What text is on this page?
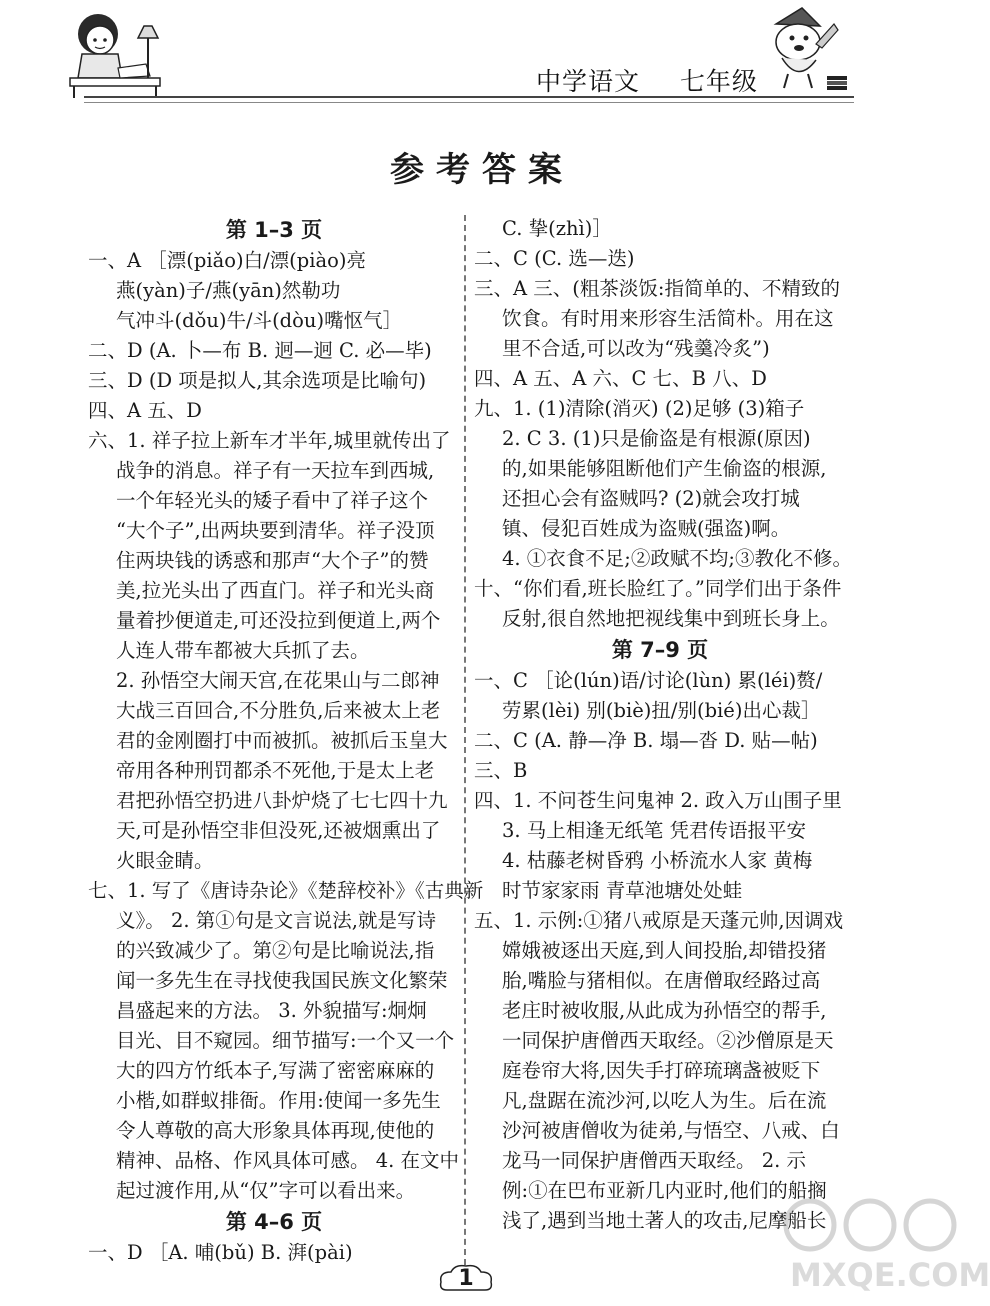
中学语文 七年级
参考答案
第 1–3 页
一、A ［漂(piǎo)白/漂(piào)亮
燕(yàn)子/燕(yān)然勒功
气冲斗(dǒu)牛/斗(dòu)嘴怄气］
二、D (A. 卜—布 B. 迥—迥 C. 必—毕)
三、D (D 项是拟人,其余选项是比喻句)
四、A 五、D
六、1. 祥子拉上新车才半年,城里就传出了
战争的消息。祥子有一天拉车到西城,
一个年轻光头的矮子看中了祥子这个
“大个子”,出两块要到清华。祥子没顶
住两块钱的诱惑和那声“大个子”的赞
美,拉光头出了西直门。祥子和光头商
量着抄便道走,可还没拉到便道上,两个
人连人带车都被大兵抓了去。
2. 孙悟空大闹天宫,在花果山与二郎神
大战三百回合,不分胜负,后来被太上老
君的金刚圈打中而被抓。被抓后玉皇大
帝用各种刑罚都杀不死他,于是太上老
君把孙悟空扔进八卦炉烧了七七四十九
天,可是孙悟空非但没死,还被烟熏出了
火眼金睛。
七、1. 写了《唐诗杂论》《楚辞校补》《古典新
义》。 2. 第①句是文言说法,就是写诗
的兴致减少了。第②句是比喻说法,指
闻一多先生在寻找使我国民族文化繁荣
昌盛起来的方法。 3. 外貌描写:炯炯
目光、目不窥园。细节描写:一个又一个
大的四方竹纸本子,写满了密密麻麻的
小楷,如群蚁排衙。作用:使闻一多先生
令人尊敬的高大形象具体再现,使他的
精神、品格、作风具体可感。 4. 在文中
起过渡作用,从“仅”字可以看出来。
第 4–6 页
一、D ［A. 哺(bǔ) B. 湃(pài)
C. 挚(zhì)］
二、C (C. 选—迭)
三、A 三、(粗茶淡饭:指简单的、不精致的
饮食。有时用来形容生活简朴。用在这
里不合适,可以改为“残羹冷炙”)
四、A 五、A 六、C 七、B 八、D
九、1. (1)清除(消灭) (2)足够 (3)箱子
2. C 3. (1)只是偷盗是有根源(原因)
的,如果能够阻断他们产生偷盗的根源,
还担心会有盗贼吗? (2)就会攻打城
镇、侵犯百姓成为盗贼(强盗)啊。
4. ①衣食不足;②政赋不均;③教化不修。
十、“你们看,班长脸红了。”同学们出于条件
反射,很自然地把视线集中到班长身上。
第 7–9 页
一、C ［论(lún)语/讨论(lùn) 累(léi)赘/
劳累(lèi) 别(biè)扭/别(bié)出心裁］
二、C (A. 静—净 B. 塌—沓 D. 贴—帖)
三、B
四、1. 不问苍生问鬼神 2. 政入万山围子里
3. 马上相逢无纸笔 凭君传语报平安
4. 枯藤老树昏鸦 小桥流水人家 黄梅
时节家家雨 青草池塘处处蛙
五、1. 示例:①猪八戒原是天蓬元帅,因调戏
嫦娥被逐出天庭,到人间投胎,却错投猪
胎,嘴脸与猪相似。在唐僧取经路过高
老庄时被收服,从此成为孙悟空的帮手,
一同保护唐僧西天取经。②沙僧原是天
庭卷帘大将,因失手打碎琉璃盏被贬下
凡,盘踞在流沙河,以吃人为生。后在流
沙河被唐僧收为徒弟,与悟空、八戒、白
龙马一同保护唐僧西天取经。 2. 示
例:①在巴布亚新几内亚时,他们的船搁
浅了,遇到当地土著人的攻击,尼摩船长
1	MXQE.COM
